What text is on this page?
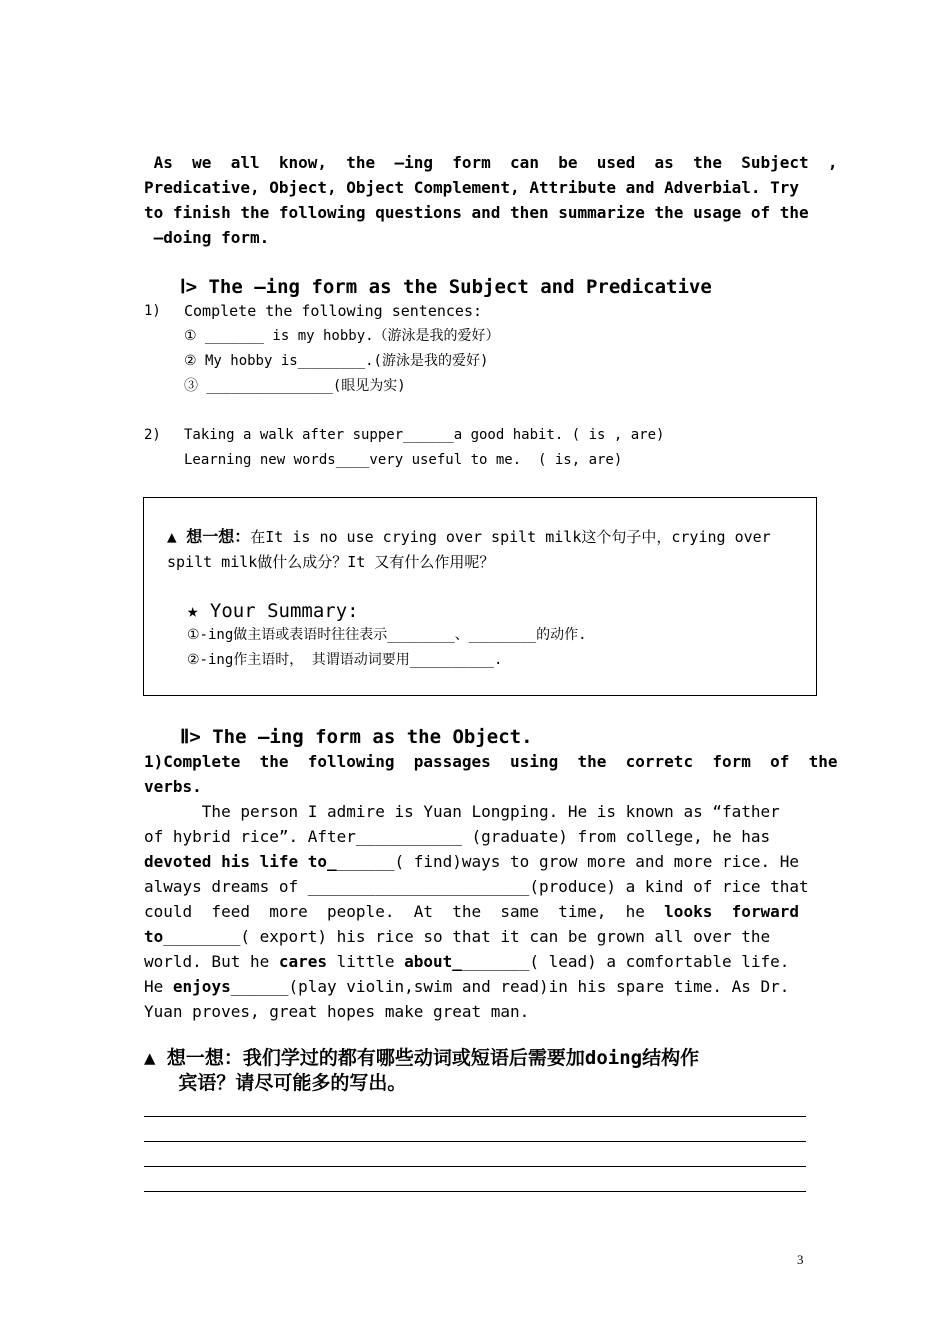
As  we  all  know,  the  –ing  form  can  be  used  as  the  Subject  ,

Predicative, Object, Object Complement, Attribute and Adverbial. Try

to finish the following questions and then summarize the usage of the

–doing form.

Ⅰ> The –ing form as the Subject and Predicative
1) Complete the following sentences:
① _______ is my hobby.（游泳是我的爱好）
② My hobby is________.(游泳是我的爱好)
③ _______________(眼见为实)
2) Taking a walk after supper______a good habit. ( is , are)
Learning new words____very useful to me.  ( is, are)
▲ 想一想：在It is no use crying over spilt milk这个句子中，crying over
spilt milk做什么成分？It 又有什么作用呢？
★ Your Summary:
①-ing做主语或表语时往往表示________、________的动作.
②-ing作主语时， 其谓语动词要用__________.
Ⅱ> The –ing form as the Object.
1)Complete  the  following  passages  using  the  corretc  form  of  the
verbs.
The person I admire is Yuan Longping. He is known as “father
of hybrid rice”. After___________ (graduate) from college, he has
devoted his life to_______( find)ways to grow more and more rice. He
always dreams of _______________________(produce) a kind of rice that
could  feed  more  people.  At  the  same  time,  he  looks  forward
to________( export) his rice so that it can be grown all over the
world. But he cares little about________( lead) a comfortable life.
He enjoys______(play violin,swim and read)in his spare time. As Dr.
Yuan proves, great hopes make great man.
▲ 想一想：我们学过的都有哪些动词或短语后需要加doing结构作
宾语？请尽可能多的写出。
3
